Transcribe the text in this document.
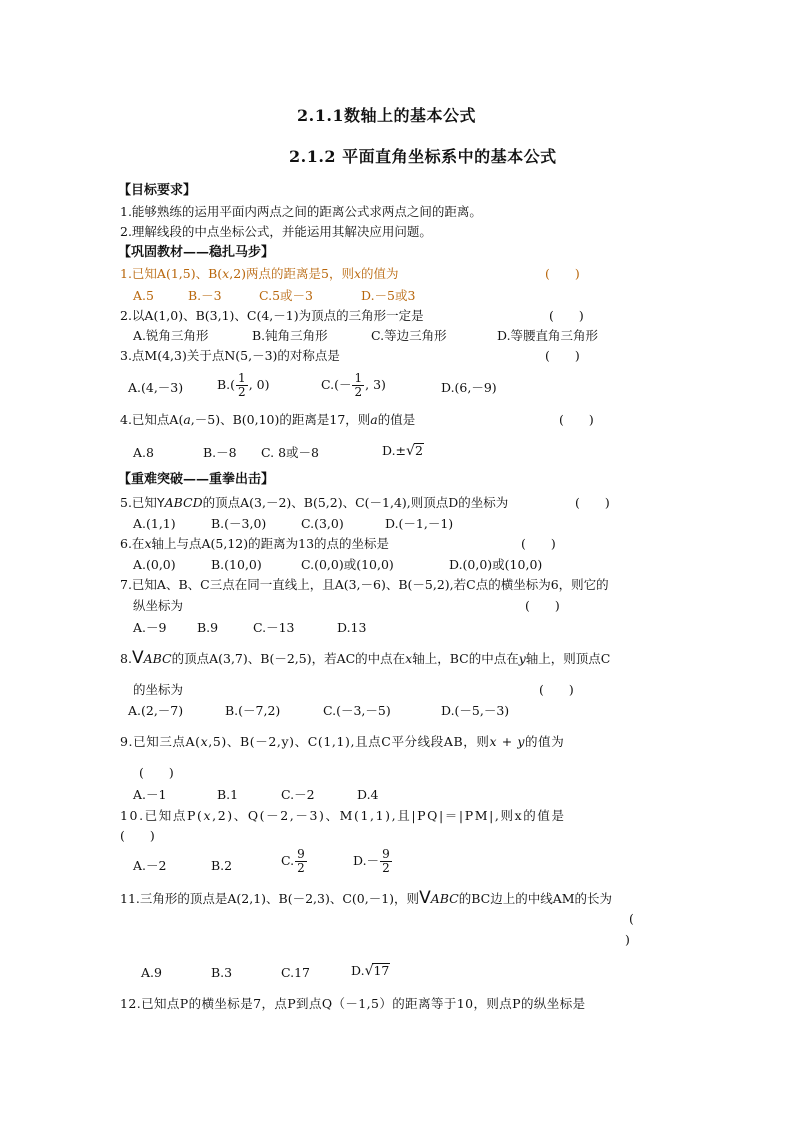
2.1.1数轴上的基本公式
2.1.2 平面直角坐标系中的基本公式
【目标要求】
1.能够熟练的运用平面内两点之间的距离公式求两点之间的距离。
2.理解线段的中点坐标公式，并能运用其解决应用问题。
【巩固教材——稳扎马步】
1.已知A(1,5)、B(x,2)两点的距离是5，则x的值为	(　　)
A.5	B.－3	C.5或－3	D.－5或3
2.以A(1,0)、B(3,1)、C(4,－1)为顶点的三角形一定是	(　　)
A.锐角三角形	B.钝角三角形	C.等边三角形	D.等腰直角三角形
3.点M(4,3)关于点N(5,－3)的对称点是	(　　)
A.(4,－3)	$B.( \frac{1}{2}$ , 0)	$C.(- \frac{1}{2}$ , 3)	D.(6,－9)
4.已知点A(a,－5)、B(0,10)的距离是17，则a的值是	(　　)
A.8	B.－8 C. 8或－8	D.±√2
【重难突破——重拳出击】
5.已知YABCD的顶点A(3,－2)、B(5,2)、C(－1,4),则顶点D的坐标为	(　　)
A.(1,1)	B.(－3,0)	C.(3,0)	D.(－1,－1)
6.在x轴上与点A(5,12)的距离为13的点的坐标是	(　　)
A.(0,0)	B.(10,0)	C.(0,0)或(10,0)	D.(0,0)或(10,0)
7.已知A、B、C三点在同一直线上，且A(3,－6)、B(－5,2),若C点的横坐标为6，则它的
纵坐标为	(　　)
A.－9 B.9	C.－13	D.13
8.VABC的顶点A(3,7)、B(－2,5)，若AC的中点在x轴上，BC的中点在y轴上，则顶点C
的坐标为	(　　)
A.(2,－7)	B.(－7,2)	C.(－3,－5)	D.(－5,－3)
9.已知三点A(x,5)、B(－2,y)、C(1,1),且点C平分线段AB，则x + y的值为
(　　)
A.－1	B.1	C.－2	D.4
10.已知点P(x,2)、Q(－2,－3)、M(1,1),且|PQ|＝|PM|,则x的值是
(　　)
A.－2	B.2	C. $\frac{9}{2}$	$D.- \frac{9}{2}$
11.三角形的顶点是A(2,1)、B(－2,3)、C(0,－1)，则VABC的BC边上的中线AM的长为
(
)
A.9	B.3	C.17	D.√17
12.已知点P的横坐标是7，点P到点Q（－1,5）的距离等于10，则点P的纵坐标是
